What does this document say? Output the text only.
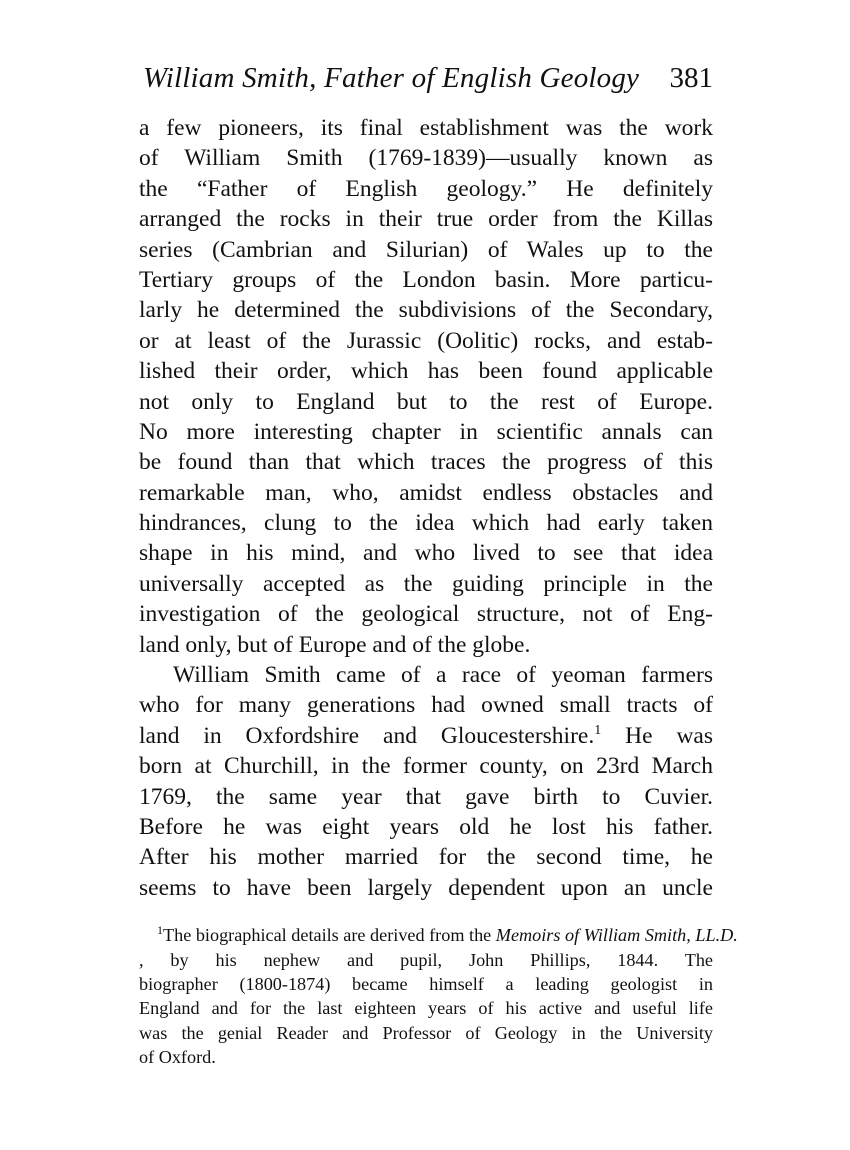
William Smith, Father of English Geology 381
a few pioneers, its final establishment was the work
of William Smith (1769-1839)—usually known as
the “Father of English geology.” He definitely
arranged the rocks in their true order from the Killas
series (Cambrian and Silurian) of Wales up to the
Tertiary groups of the London basin. More particu-
larly he determined the subdivisions of the Secondary,
or at least of the Jurassic (Oolitic) rocks, and estab-
lished their order, which has been found applicable
not only to England but to the rest of Europe.
No more interesting chapter in scientific annals can
be found than that which traces the progress of this
remarkable man, who, amidst endless obstacles and
hindrances, clung to the idea which had early taken
shape in his mind, and who lived to see that idea
universally accepted as the guiding principle in the
investigation of the geological structure, not of Eng-
land only, but of Europe and of the globe.
William Smith came of a race of yeoman farmers
who for many generations had owned small tracts of
land in Oxfordshire and Gloucestershire.$^1$ He was
born at Churchill, in the former county, on 23rd March
1769, the same year that gave birth to Cuvier.
Before he was eight years old he lost his father.
After his mother married for the second time, he
seems to have been largely dependent upon an uncle
$^1$The biographical details are derived from the Memoirs of William Smith, LL.D.
, by his nephew and pupil, John Phillips, 1844. The
biographer (1800-1874) became himself a leading geologist in
England and for the last eighteen years of his active and useful life
was the genial Reader and Professor of Geology in the University
of Oxford.
